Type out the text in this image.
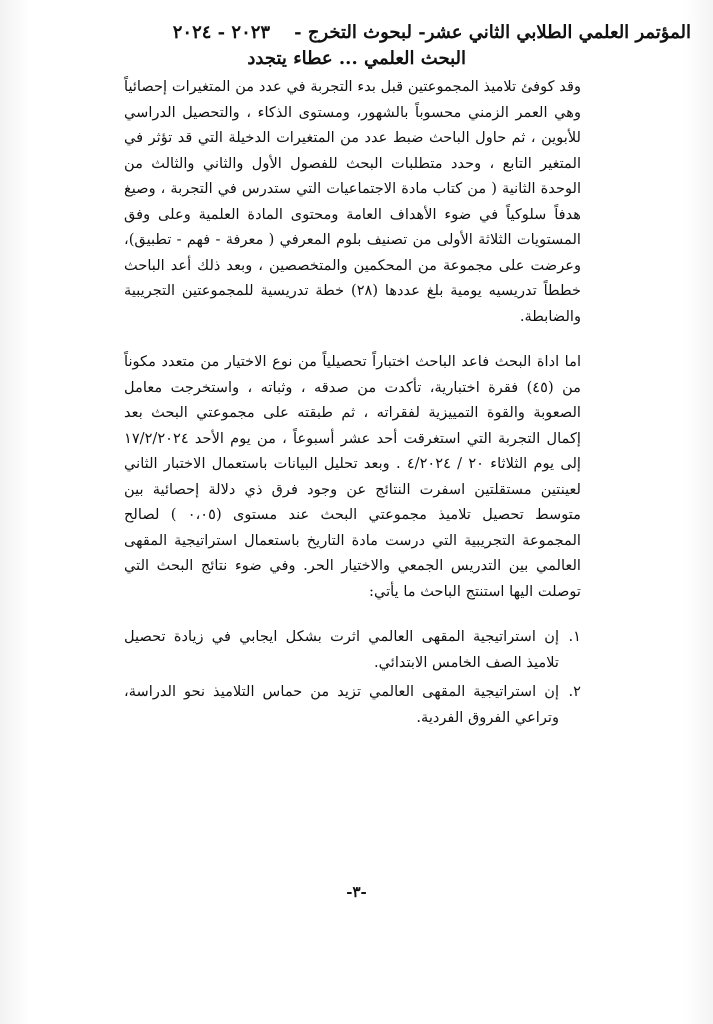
المؤتمر العلمي الطلابي الثاني عشر- لبحوث التخرج -
٢٠٢٣ - ٢٠٢٤
البحث العلمي ... عطاء يتجدد

وقد كوفئ تلاميذ المجموعتين قبل بدء التجربة في عدد من المتغيرات إحصائياً وهي العمر الزمني محسوباً بالشهور، ومستوى الذكاء ، والتحصيل الدراسي للأبوين ، ثم حاول الباحث ضبط عدد من المتغيرات الدخيلة التي قد تؤثر في المتغير التابع ، وحدد متطلبات البحث للفصول الأول والثاني والثالث من الوحدة الثانية ( من كتاب مادة الاجتماعيات التي ستدرس في التجربة ، وصيغ هدفاً سلوكياً في ضوء الأهداف العامة ومحتوى المادة العلمية وعلى وفق المستويات الثلاثة الأولى من تصنيف بلوم المعرفي ( معرفة - فهم - تطبيق)، وعرضت على مجموعة من المحكمين والمتخصصين ، وبعد ذلك أعد الباحث خططاً تدريسيه يومية بلغ عددها (٢٨) خطة تدريسية للمجموعتين التجريبية والضابطة.

اما اداة البحث فاعد الباحث اختباراً تحصيلياً من نوع الاختيار من متعدد مكوناً من (٤٥) فقرة اختبارية، تأكدت من صدقه ، وثباته ، واستخرجت معامل الصعوبة والقوة التمييزية لفقراته ، ثم طبقته على مجموعتي البحث بعد إكمال التجربة التي استغرقت أحد عشر أسبوعاً ، من يوم الأحد ١٧/٢/٢٠٢٤ إلى يوم الثلاثاء ٢٠ / ٤/٢٠٢٤ . وبعد تحليل البيانات باستعمال الاختبار الثاني لعينتين مستقلتين اسفرت النتائج عن وجود فرق ذي دلالة إحصائية بين متوسط تحصيل تلاميذ مجموعتي البحث عند مستوى (٠،٠٥ ) لصالح المجموعة التجريبية التي درست مادة التاريخ باستعمال استراتيجية المقهى العالمي بين التدريس الجمعي والاختيار الحر. وفي ضوء نتائج البحث التي توصلت اليها استنتج الباحث ما يأتي:

١.
إن استراتيجية المقهى العالمي اثرت بشكل ايجابي في زيادة تحصيل تلاميذ الصف الخامس الابتدائي.
٢.
إن استراتيجية المقهى العالمي تزيد من حماس التلاميذ نحو الدراسة، وتراعي الفروق الفردية.
-٣-
